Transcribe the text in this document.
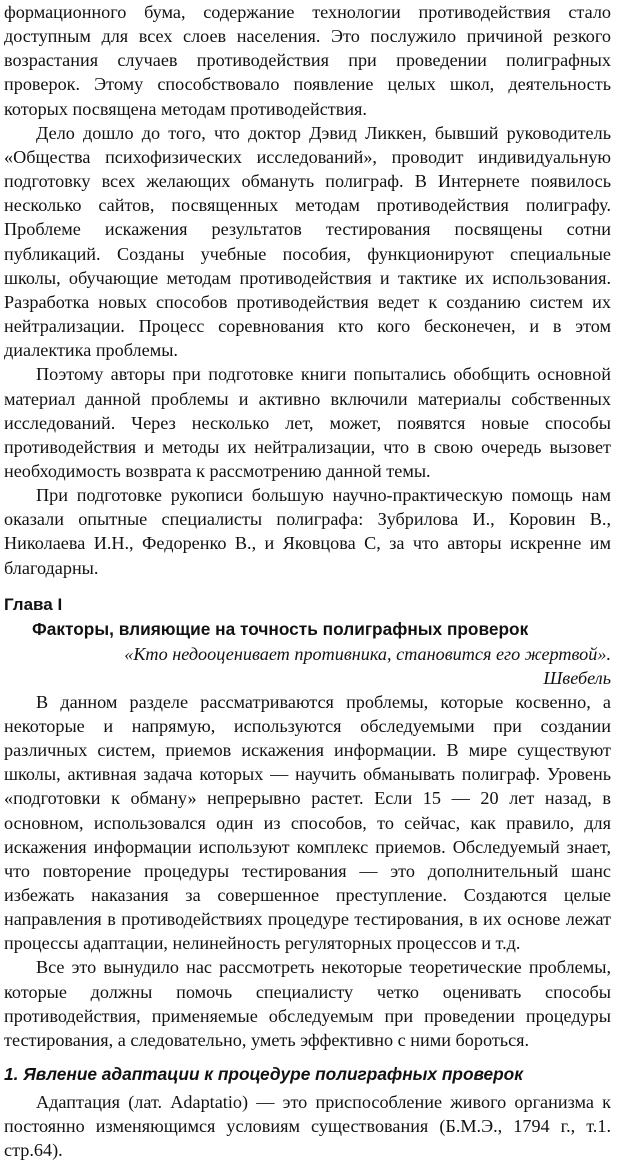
формационного бума, содержание технологии противодействия стало доступным для всех слоев населения. Это послужило причиной резкого возрастания случаев противодействия при проведении полиграфных проверок. Этому способствовало появление целых школ, деятельность которых посвящена методам противодействия.

Дело дошло до того, что доктор Дэвид Ликкен, бывший руководитель «Общества психофизических исследований», проводит индивидуальную подготовку всех желающих обмануть полиграф. В Интернете появилось несколько сайтов, посвященных методам противодействия полиграфу. Проблеме искажения результатов тестирования посвящены сотни публикаций. Созданы учебные пособия, функционируют специальные школы, обучающие методам противодействия и тактике их использования. Разработка новых способов противодействия ведет к созданию систем их нейтрализации. Процесс соревнования кто кого бесконечен, и в этом диалектика проблемы.

Поэтому авторы при подготовке книги попытались обобщить основной материал данной проблемы и активно включили материалы собственных исследований. Через несколько лет, может, появятся новые способы противодействия и методы их нейтрализации, что в свою очередь вызовет необходимость возврата к рассмотрению данной темы.

При подготовке рукописи большую научно-практическую помощь нам оказали опытные специалисты полиграфа: Зубрилова И., Коровин В., Николаева И.Н., Федоренко В., и Яковцова С, за что авторы искренне им благодарны.

Глава I
Факторы, влияющие на точность полиграфных проверок
«Кто недооценивает противника, становится его жертвой».
Швебель

В данном разделе рассматриваются проблемы, которые косвенно, а некоторые и напрямую, используются обследуемыми при создании различных систем, приемов искажения информации. В мире существуют школы, активная задача которых — научить обманывать полиграф. Уровень «подготовки к обману» непрерывно растет. Если 15 — 20 лет назад, в основном, использовался один из способов, то сейчас, как правило, для искажения информации используют комплекс приемов. Обследуемый знает, что повторение процедуры тестирования — это дополнительный шанс избежать наказания за совершенное преступление. Создаются целые направления в противодействиях процедуре тестирования, в их основе лежат процессы адаптации, нелинейность регуляторных процессов и т.д.

Все это вынудило нас рассмотреть некоторые теоретические проблемы, которые должны помочь специалисту четко оценивать способы противодействия, применяемые обследуемым при проведении процедуры тестирования, а следовательно, уметь эффективно с ними бороться.

1. Явление адаптации к процедуре полиграфных проверок

Адаптация (лат. Adaptatio) — это приспособление живого организма к постоянно изменяющимся условиям существования (Б.М.Э., 1794 г., т.1. стр.64).
